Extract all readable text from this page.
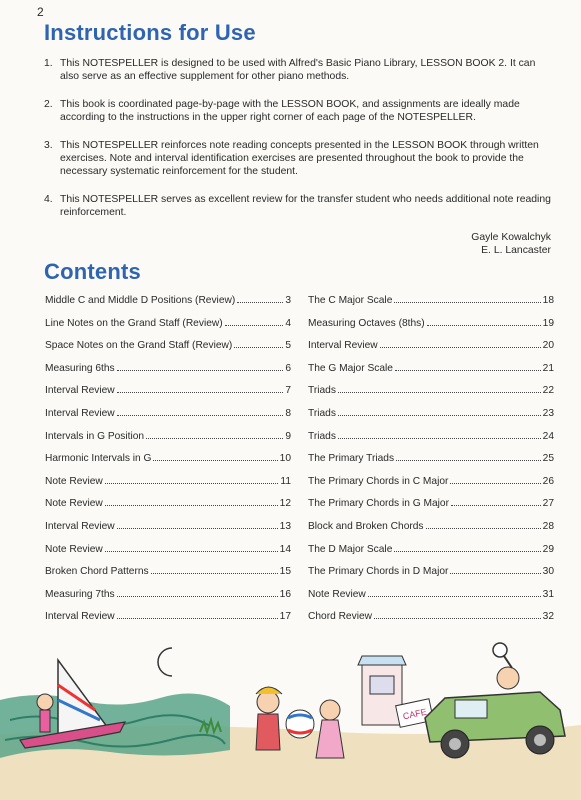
2
Instructions for Use
1. This NOTESPELLER is designed to be used with Alfred's Basic Piano Library, LESSON BOOK 2. It can also serve as an effective supplement for other piano methods.
2. This book is coordinated page-by-page with the LESSON BOOK, and assignments are ideally made according to the instructions in the upper right corner of each page of the NOTESPELLER.
3. This NOTESPELLER reinforces note reading concepts presented in the LESSON BOOK through written exercises. Note and interval identification exercises are presented throughout the book to provide the necessary systematic reinforcement for the student.
4. This NOTESPELLER serves as excellent review for the transfer student who needs additional note reading reinforcement.
Gayle Kowalchyk
E. L. Lancaster
Contents
Middle C and Middle D Positions (Review)	3
Line Notes on the Grand Staff (Review)	4
Space Notes on the Grand Staff (Review)	5
Measuring 6ths	6
Interval Review	7
Interval Review	8
Intervals in G Position	9
Harmonic Intervals in G	10
Note Review	11
Note Review	12
Interval Review	13
Note Review	14
Broken Chord Patterns	15
Measuring 7ths	16
Interval Review	17
The C Major Scale	18
Measuring Octaves (8ths)	19
Interval Review	20
The G Major Scale	21
Triads	22
Triads	23
Triads	24
The Primary Triads	25
The Primary Chords in C Major	26
The Primary Chords in G Major	27
Block and Broken Chords	28
The D Major Scale	29
The Primary Chords in D Major	30
Note Review	31
Chord Review	32
CAFE
